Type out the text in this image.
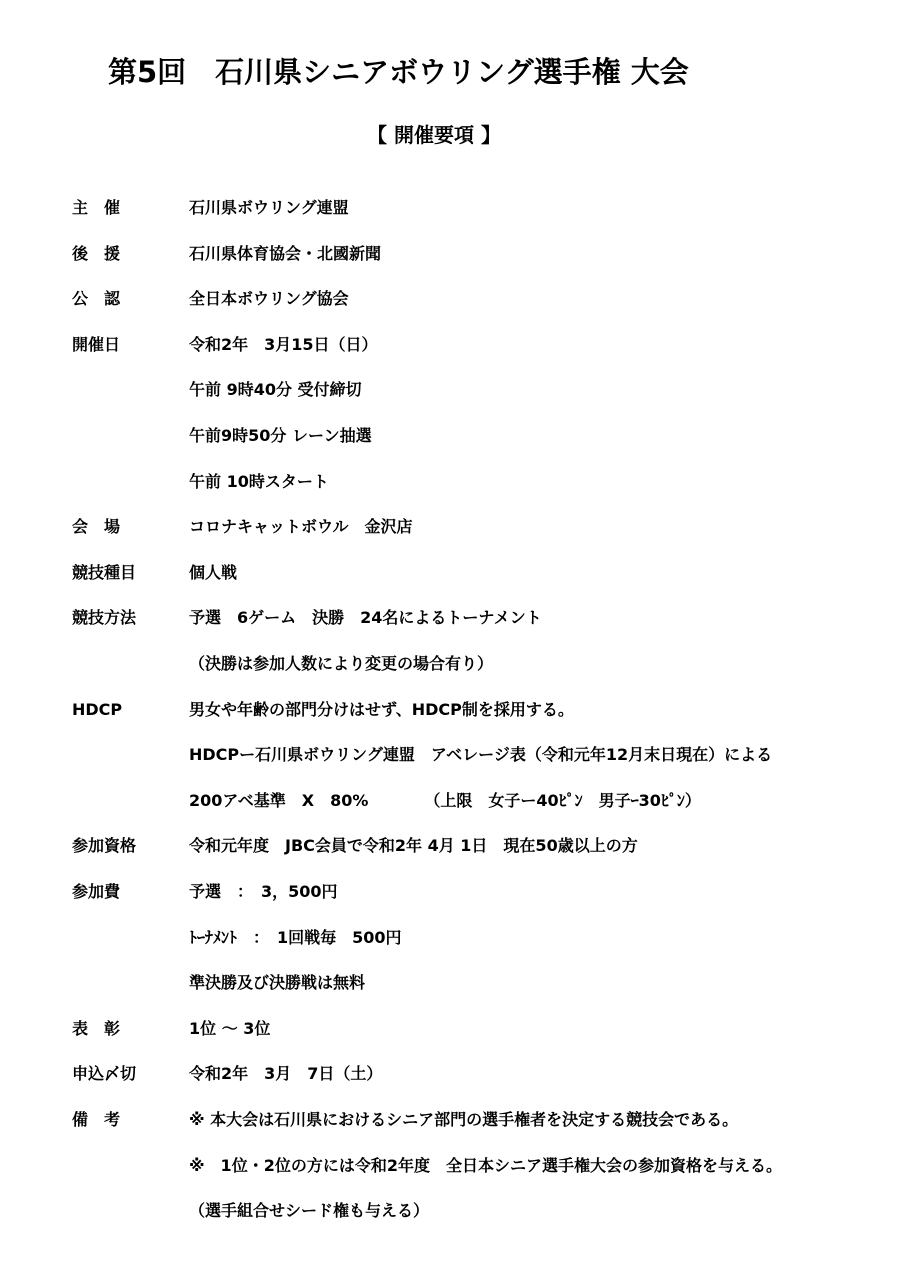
第5回　石川県シニアボウリング選手権 大会
【 開催要項 】
主　催	石川県ボウリング連盟
後　援	石川県体育協会・北國新聞
公　認	全日本ボウリング協会
開催日	令和2年　3月15日（日）
午前 9時40分 受付締切
午前9時50分 レーン抽選
午前 10時スタート
会　場	コロナキャットボウル　金沢店
競技種目	個人戦
競技方法	予選　6ゲーム　決勝　24名によるトーナメント
（決勝は参加人数により変更の場合有り）
HDCP	男女や年齢の部門分けはせず、HDCP制を採用する。
HDCPー石川県ボウリング連盟　アベレージ表（令和元年12月末日現在）による
200アベ基準　X　80%　　　　（上限　女子ー40ﾋﾟﾝ　男子ｰ30ﾋﾟﾝ）
参加資格	令和元年度　JBC会員で令和2年 4月 1日　現在50歳以上の方
参加費	予選　：　3，500円
ﾄｰﾅﾒﾝﾄ　：　1回戦毎　500円
準決勝及び決勝戦は無料
表　彰	1位 ～ 3位
申込〆切	令和2年　3月　7日（土）
備　考	※ 本大会は石川県におけるシニア部門の選手権者を決定する競技会である。
※　1位・2位の方には令和2年度　全日本シニア選手権大会の参加資格を与える。
（選手組合せシード権も与える）
